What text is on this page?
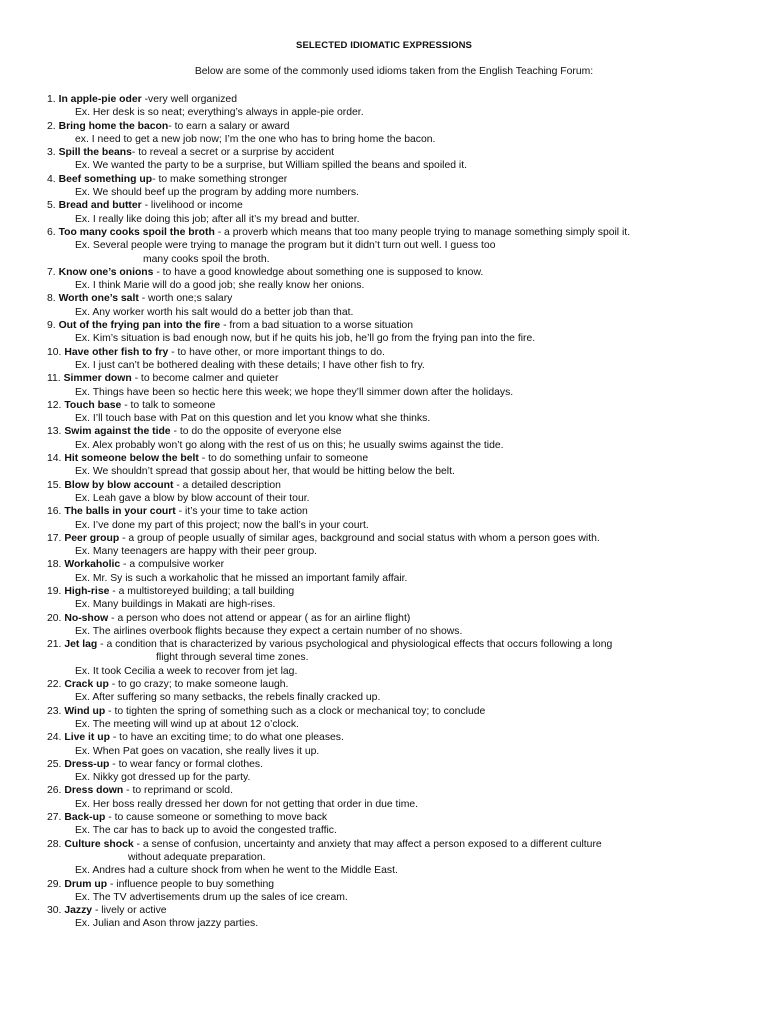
SELECTED IDIOMATIC EXPRESSIONS
Below are some of the commonly used idioms taken from the English Teaching Forum:
1. In apple-pie oder -very well organized
Ex. Her desk is so neat; everything’s always in apple-pie order.
2. Bring home the bacon- to earn a salary or award
ex. I need to get a new job now; I’m the one who has to bring home the bacon.
3. Spill the beans- to reveal a secret or a surprise by accident
Ex. We wanted the party to be a surprise, but William spilled the beans and spoiled it.
4. Beef something up- to make something stronger
Ex. We should beef up the program by adding more numbers.
5. Bread and butter - livelihood or income
Ex. I really like doing this job; after all it’s my bread and butter.
6. Too many cooks spoil the broth - a proverb which means that too many people trying to manage something simply spoil it.
Ex. Several people were trying to manage the program but it didn’t turn out well. I guess too
many cooks spoil the broth.
7. Know one’s onions - to have a good knowledge about something one is supposed to know.
Ex. I think Marie will do a good job; she really know her onions.
8. Worth one’s salt - worth one;s salary
Ex. Any worker worth his salt would do a better job than that.
9. Out of the frying pan into the fire - from a bad situation to a worse situation
Ex. Kim’s situation is bad enough now, but if he quits his job, he’ll go from the frying pan into the fire.
10. Have other fish to fry - to have other, or more important things to do.
Ex. I just can’t be bothered dealing with these details; I have other fish to fry.
11. Simmer down - to become calmer and quieter
Ex. Things have been so hectic here this week; we hope they’ll simmer down after the holidays.
12. Touch base - to talk to someone
Ex. I’ll touch base with Pat on this question and let you know what she thinks.
13. Swim against the tide - to do the opposite of everyone else
Ex. Alex probably won’t go along with the rest of us on this; he usually swims against the tide.
14. Hit someone below the belt - to do something unfair to someone
Ex. We shouldn’t spread that gossip about her, that would be hitting below the belt.
15. Blow by blow account - a detailed description
Ex. Leah gave a blow by blow account of their tour.
16. The balls in your court - it’s your time to take action
Ex. I’ve done my part of this project; now the ball’s in your court.
17. Peer group - a group of people usually of similar ages, background and social status with whom a person goes with.
Ex. Many teenagers are happy with their peer group.
18. Workaholic - a compulsive worker
Ex. Mr. Sy is such a workaholic that he missed an important family affair.
19. High-rise - a multistoreyed building; a tall building
Ex. Many buildings in Makati are high-rises.
20. No-show - a person who does not attend or appear ( as for an airline flight)
Ex. The airlines overbook flights because they expect a certain number of no shows.
21. Jet lag - a condition that is characterized by various psychological and physiological effects that occurs following a long
flight through several time zones.
Ex. It took Cecilia a week to recover from jet lag.
22. Crack up - to go crazy; to make someone laugh.
Ex. After suffering so many setbacks, the rebels finally cracked up.
23. Wind up - to tighten the spring of something such as a clock or mechanical toy; to conclude
Ex. The meeting will wind up at about 12 o’clock.
24. Live it up - to have an exciting time; to do what one pleases.
Ex. When Pat goes on vacation, she really lives it up.
25. Dress-up - to wear fancy or formal clothes.
Ex. Nikky got dressed up for the party.
26. Dress down - to reprimand or scold.
Ex. Her boss really dressed her down for not getting that order in due time.
27. Back-up - to cause someone or something to move back
Ex. The car has to back up to avoid the congested traffic.
28. Culture shock - a sense of confusion, uncertainty and anxiety that may affect a person exposed to a different culture
without adequate preparation.
Ex. Andres had a culture shock from when he went to the Middle East.
29. Drum up - influence people to buy something
Ex. The TV advertisements drum up the sales of ice cream.
30. Jazzy - lively or active
Ex. Julian and Ason throw jazzy parties.
